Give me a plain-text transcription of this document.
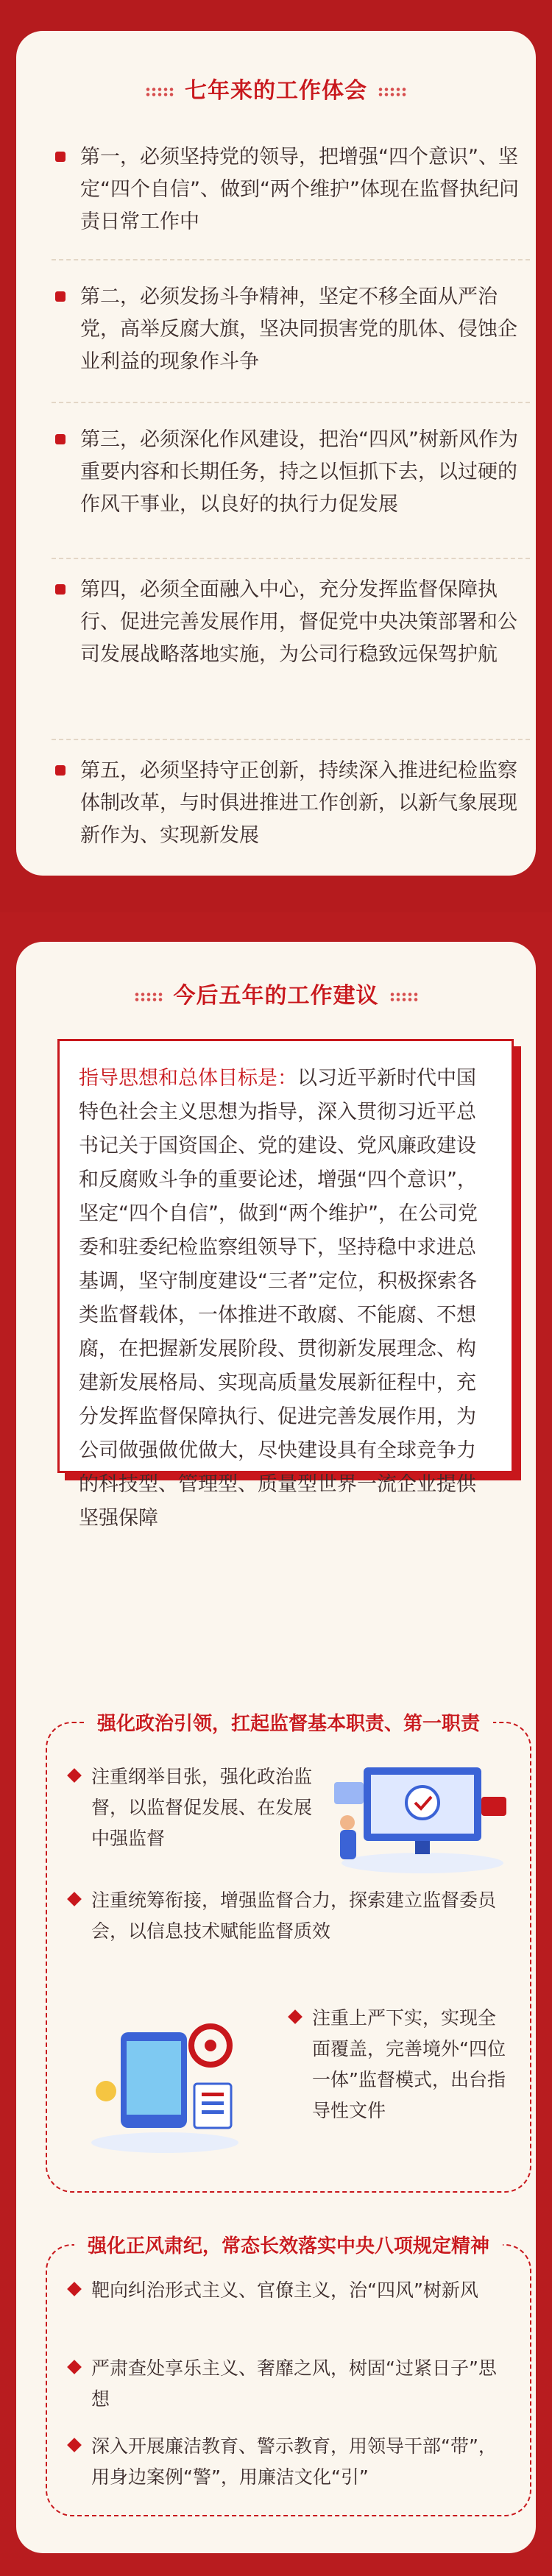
七年来的工作体会
第一，必须坚持党的领导，把增强“四个意识”、坚定“四个自信”、做到“两个维护”体现在监督执纪问责日常工作中
第二，必须发扬斗争精神，坚定不移全面从严治党，高举反腐大旗，坚决同损害党的肌体、侵蚀企业利益的现象作斗争
第三，必须深化作风建设，把治“四风”树新风作为重要内容和长期任务，持之以恒抓下去，以过硬的作风干事业，以良好的执行力促发展
第四，必须全面融入中心，充分发挥监督保障执行、促进完善发展作用，督促党中央决策部署和公司发展战略落地实施，为公司行稳致远保驾护航
第五，必须坚持守正创新，持续深入推进纪检监察体制改革，与时俱进推进工作创新，以新气象展现新作为、实现新发展
今后五年的工作建议
指导思想和总体目标是：以习近平新时代中国特色社会主义思想为指导，深入贯彻习近平总书记关于国资国企、党的建设、党风廉政建设和反腐败斗争的重要论述，增强“四个意识”，坚定“四个自信”，做到“两个维护”，在公司党委和驻委纪检监察组领导下，坚持稳中求进总基调，坚守制度建设“三者”定位，积极探索各类监督载体，一体推进不敢腐、不能腐、不想腐，在把握新发展阶段、贯彻新发展理念、构建新发展格局、实现高质量发展新征程中，充分发挥监督保障执行、促进完善发展作用，为公司做强做优做大，尽快建设具有全球竞争力的科技型、管理型、质量型世界一流企业提供坚强保障
强化政治引领，扛起监督基本职责、第一职责
注重纲举目张，强化政治监督，以监督促发展、在发展中强监督
注重统筹衔接，增强监督合力，探索建立监督委员会，以信息技术赋能监督质效
注重上严下实，实现全面覆盖，完善境外“四位一体”监督模式，出台指导性文件
强化正风肃纪，常态长效落实中央八项规定精神
靶向纠治形式主义、官僚主义，治“四风”树新风
严肃查处享乐主义、奢靡之风，树固“过紧日子”思想
深入开展廉洁教育、警示教育，用领导干部“带”，用身边案例“警”，用廉洁文化“引”
